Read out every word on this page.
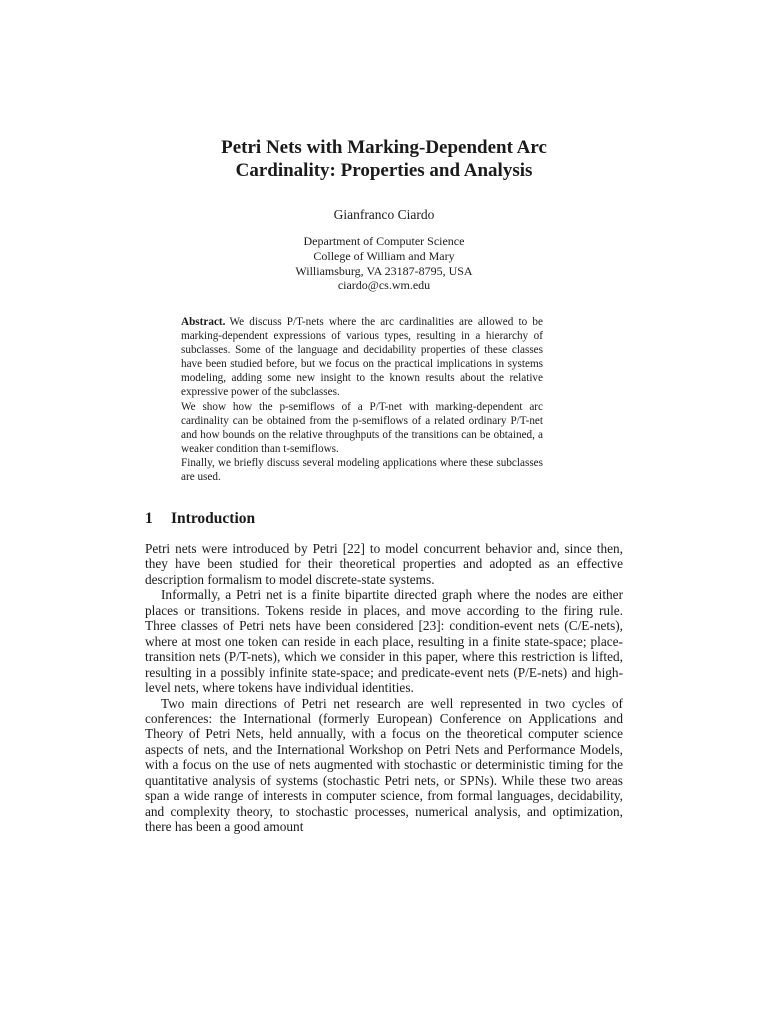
Petri Nets with Marking-Dependent Arc
Cardinality: Properties and Analysis
Gianfranco Ciardo
Department of Computer Science
College of William and Mary
Williamsburg, VA 23187-8795, USA
ciardo@cs.wm.edu

Abstract. We discuss P/T-nets where the arc cardinalities are allowed to be marking-dependent expressions of various types, resulting in a hierarchy of subclasses. Some of the language and decidability properties of these classes have been studied before, but we focus on the practical implications in systems modeling, adding some new insight to the known results about the relative expressive power of the subclasses.

We show how the p-semiflows of a P/T-net with marking-dependent arc cardinality can be obtained from the p-semiflows of a related ordinary P/T-net and how bounds on the relative throughputs of the transitions can be obtained, a weaker condition than t-semiflows.

Finally, we briefly discuss several modeling applications where these subclasses are used.

1 Introduction

Petri nets were introduced by Petri [22] to model concurrent behavior and, since then, they have been studied for their theoretical properties and adopted as an effective description formalism to model discrete-state systems.

Informally, a Petri net is a finite bipartite directed graph where the nodes are either places or transitions. Tokens reside in places, and move according to the firing rule. Three classes of Petri nets have been considered [23]: condition-event nets (C/E-nets), where at most one token can reside in each place, resulting in a finite state-space; place-transition nets (P/T-nets), which we consider in this paper, where this restriction is lifted, resulting in a possibly infinite state-space; and predicate-event nets (P/E-nets) and high-level nets, where tokens have individual identities.

Two main directions of Petri net research are well represented in two cycles of conferences: the International (formerly European) Conference on Applications and Theory of Petri Nets, held annually, with a focus on the theoretical computer science aspects of nets, and the International Workshop on Petri Nets and Performance Models, with a focus on the use of nets augmented with stochastic or deterministic timing for the quantitative analysis of systems (stochastic Petri nets, or SPNs). While these two areas span a wide range of interests in computer science, from formal languages, decidability, and complexity theory, to stochastic processes, numerical analysis, and optimization, there has been a good amount
